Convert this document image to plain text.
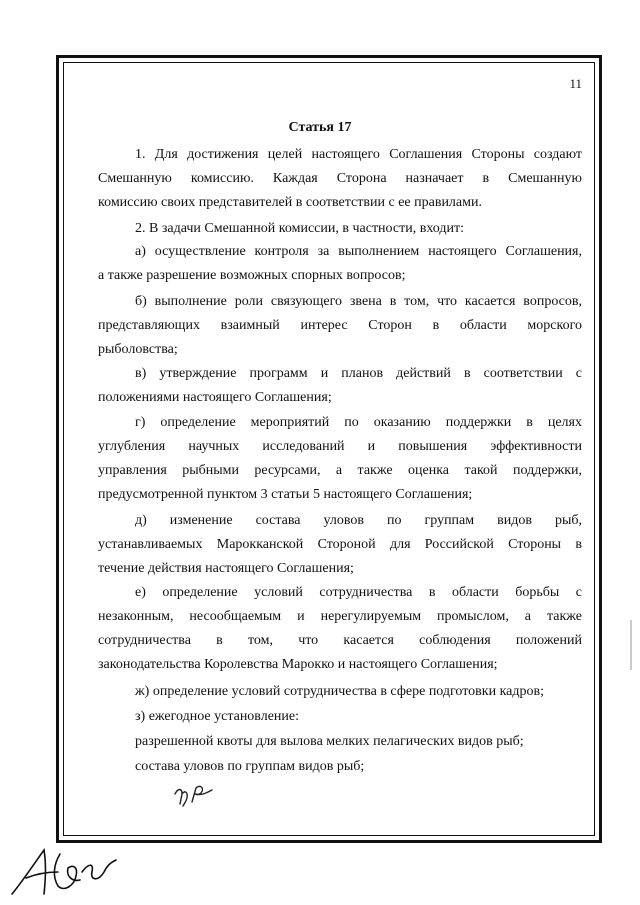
11
Статья 17
1. Для достижения целей настоящего Соглашения Стороны создают
Смешанную комиссию. Каждая Сторона назначает в Смешанную
комиссию своих представителей в соответствии с ее правилами.
2. В задачи Смешанной комиссии, в частности, входит:
а) осуществление контроля за выполнением настоящего Соглашения,
а также разрешение возможных спорных вопросов;
б) выполнение роли связующего звена в том, что касается вопросов,
представляющих взаимный интерес Сторон в области морского
рыболовства;
в) утверждение программ и планов действий в соответствии с
положениями настоящего Соглашения;
г) определение мероприятий по оказанию поддержки в целях
углубления научных исследований и повышения эффективности
управления рыбными ресурсами, а также оценка такой поддержки,
предусмотренной пунктом 3 статьи 5 настоящего Соглашения;
д) изменение состава уловов по группам видов рыб,
устанавливаемых Марокканской Стороной для Российской Стороны в
течение действия настоящего Соглашения;
е) определение условий сотрудничества в области борьбы с
незаконным, несообщаемым и нерегулируемым промыслом, а также
сотрудничества в том, что касается соблюдения положений
законодательства Королевства Марокко и настоящего Соглашения;
ж) определение условий сотрудничества в сфере подготовки кадров;
з) ежегодное установление:
разрешенной квоты для вылова мелких пелагических видов рыб;
состава уловов по группам видов рыб;
